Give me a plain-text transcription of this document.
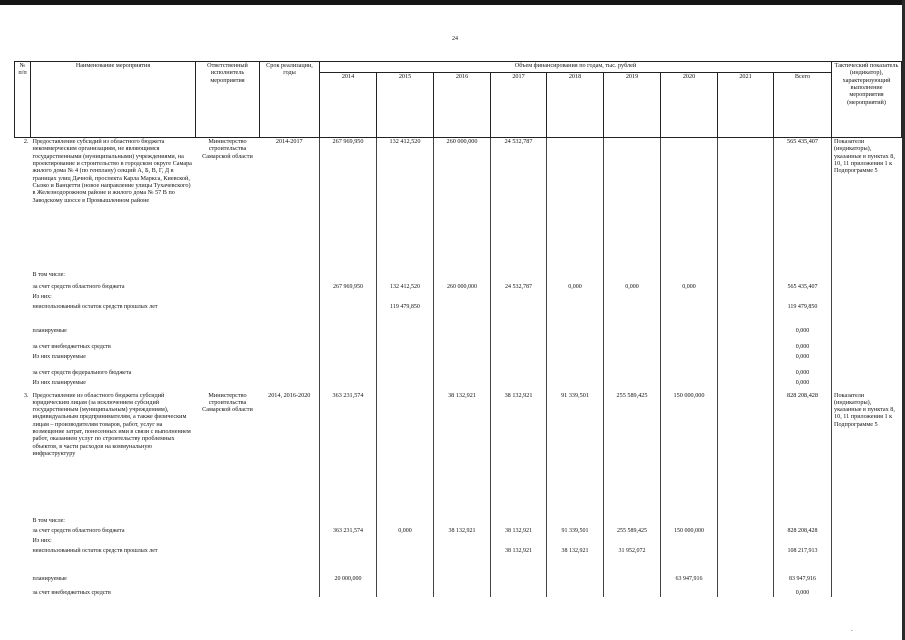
24
№ п/п	Наименование мероприятия	Ответственный исполнитель мероприятия	Срок реализации, годы	Объем финансирования по годам, тыс. рублей									Тактический показатель (индикатор), характеризующий выполнение мероприятия (мероприятий)
				2014	2015	2016	2017	2018	2019	2020	2021	Всего	
2.	Предоставление субсидий из областного бюджета некоммерческим организациям, не являющимся государственными (муниципальными) учреждениями, на проектирование и строительство в городском округе Самара жилого дома № 4 (по генплану) секций А, Б, В, Г, Д в границах улиц Дачной, проспекта Карла Маркса, Киевской, Сызко и Ванцетти (новое направление улицы Тухачевского) в Железнодорожном районе и жилого дома № 57 В по Заводскому шоссе в Промышленном районе	Министерство строительства Самарской области	2014-2017	267 969,950	132 412,520	260 000,000	24 532,787					565 435,407	Показатели (индикаторы), указанные в пунктах 8, 10, 11 приложения 1 к Подпрограмме 5
	В том числе:												
	за счет средств областного бюджета			267 969,950	132 412,520	260 000,000	24 532,787	0,000	0,000	0,000		565 435,407	
	Из них:												
	неиспользованный остаток средств прошлых лет				119 479,850							119 479,850	
	планируемые											0,000	
	за счет внебюджетных средств											0,000	
	Из них планируемые											0,000	
	за счет средств федерального бюджета											0,000	
	Из них планируемые											0,000	
3.	Предоставление из областного бюджета субсидий юридическим лицам (за исключением субсидий государственным (муниципальным) учреждениям), индивидуальным предпринимателям, а также физическим лицам – производителям товаров, работ, услуг на возмещение затрат, понесенных ими в связи с выполнением работ, оказанием услуг по строительству проблемных объектов, в части расходов на коммунальную инфраструктуру	Министерство строительства Самарской области	2014, 2016-2020	363 231,574		38 132,921	38 132,921	91 339,501	255 589,425	150 000,000		828 208,428	Показатели (индикаторы), указанные в пунктах 8, 10, 11 приложения 1 к Подпрограмме 5
	В том числе:												
	за счет средств областного бюджета			363 231,574	0,000	38 132,921	38 132,921	91 339,501	255 589,425	150 000,000		828 208,428	
	Из них:												
	неиспользованный остаток средств прошлых лет						38 132,921	38 132,921	31 952,072			108 217,913	
	планируемые			20 000,000						63 947,916		83 947,916	
	за счет внебюджетных средств											0,000	
.
